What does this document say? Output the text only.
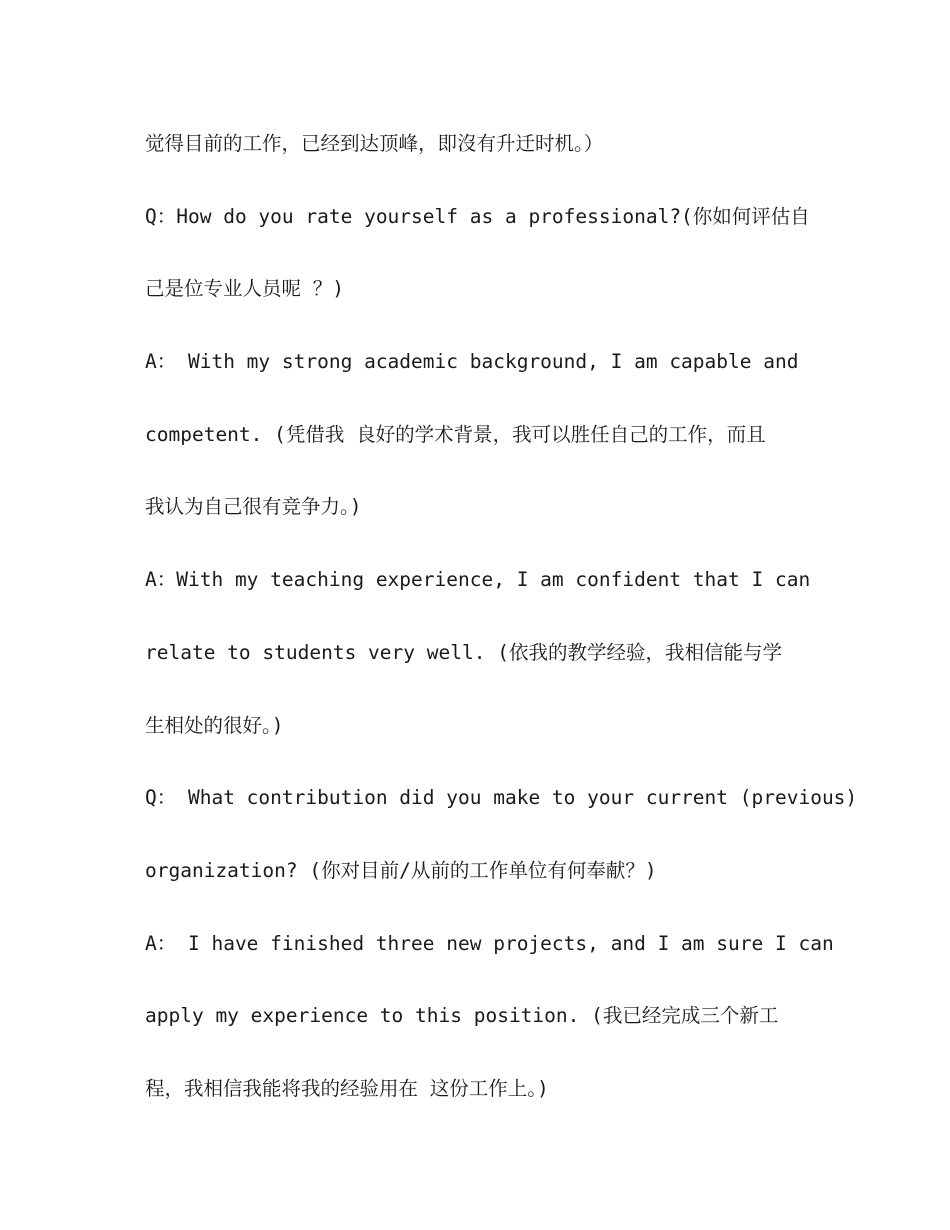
觉得目前的工作，已经到达顶峰，即沒有升迁时机。）
Q：How do you rate yourself as a professional?(你如何评估自
己是位专业人员呢 ？)
A： With my strong academic background, I am capable and
competent. (凭借我 良好的学术背景，我可以胜任自己的工作，而且
我认为自己很有竞争力。)
A：With my teaching experience, I am confident that I can
relate to students very well. (依我的教学经验，我相信能与学
生相处的很好。)
Q： What contribution did you make to your current (previous)
organization? (你对目前/从前的工作单位有何奉献？)
A： I have finished three new projects, and I am sure I can
apply my experience to this position. (我已经完成三个新工
程，我相信我能将我的经验用在 这份工作上。)
